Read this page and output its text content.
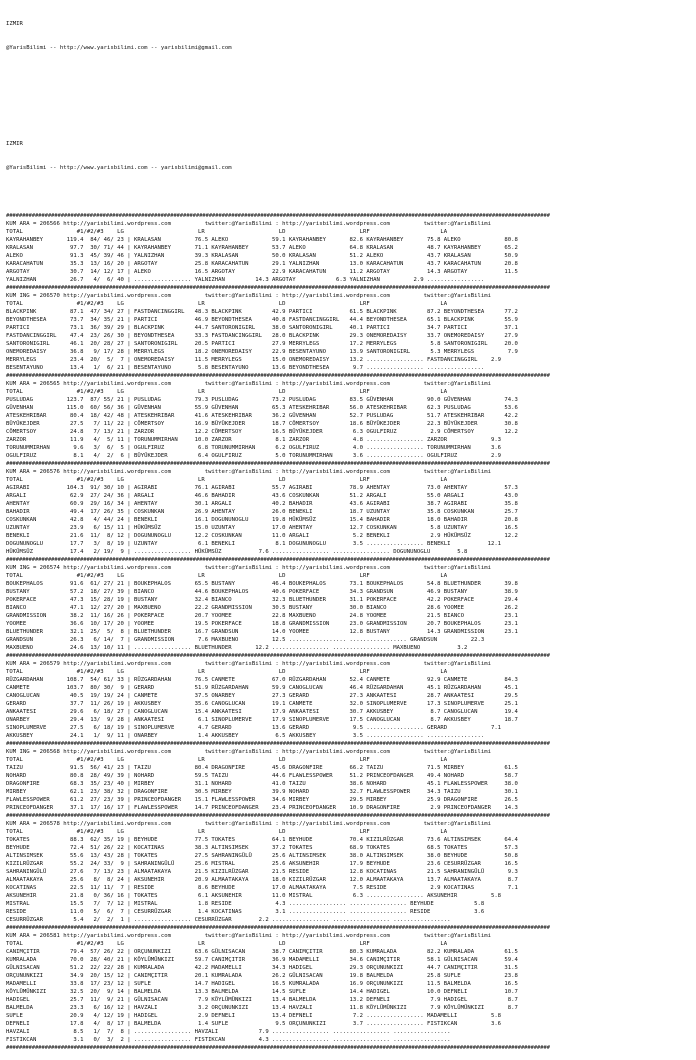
IZMIR

@YarisBilimi -- http://www.yarisbilimi.com -- yarisbilimi@gmail.com

IZMIR

@YarisBilimi -- http://www.yarisbilimi.com -- yarisbilimi@gmail.com

#########################################################################################################################################################################
KUM ARA = 206566 http://yarisbilimi.wordpress.com          twitter:@YarisBilimi : http://yarisbilimi.wordpress.com          twitter:@YarisBilimi
TOTAL                #1/#2/#3    LG                      LR                      LD                      LRF                     LA
KAYRAHANBEY       119.4  84/ 46/ 23 | KRALASAN          76.5 ALEKO             59.1 KAYRAHANBEY       82.6 KAYRAHANBEY       75.8 ALEKO             80.8
KRALASAN           97.7  30/ 71/ 44 | KAYRAHANBEY       71.1 KAYRAHANBEY       53.7 ALEKO             64.8 KRALASAN          48.7 KAYRAHANBEY       65.2
ALEKO              91.3  45/ 39/ 46 | YALNIZHAN         39.3 KRALASAN          50.0 KRALASAN          51.2 ALEKO             43.7 KRALASAN          50.9
KARACAHATUN        35.3  13/ 16/ 20 | ARGOTAY           25.8 KARACAHATUN       29.1 YALNIZHAN         13.0 KARACAHATUN       43.7 KARACAHATUN       20.8
ARGOTAY            30.7  14/ 12/ 17 | ALEKO             16.5 ARGOTAY           22.9 KARACAHATUN       11.2 ARGOTAY           14.3 ARGOTAY           11.5
YALNIZHAN          26.7   4/  6/ 40 | ................. YALNIZHAN         14.3 ARGOTAY            6.3 YALNIZHAN          2.9 .................
#########################################################################################################################################################################
KUM ING = 206570 http://yarisbilimi.wordpress.com          twitter:@YarisBilimi : http://yarisbilimi.wordpress.com          twitter:@YarisBilimi
TOTAL                #1/#2/#3    LG                      LR                      LD                      LRF                     LA
BLACKPINK          87.1  47/ 34/ 27 | FASTDANCINGGIRL   48.3 BLACKPINK         42.9 PARTICI           61.5 BLACKPINK         87.2 BEYONDTHESEA      77.2
BEYONDTHESEA       73.7  34/ 35/ 21 | PARTICI           46.9 BEYONDTHESEA      40.8 FASTDANCINGGIRL   44.4 BEYONDTHESEA      65.1 BLACKPINK         55.9
PARTICI            73.1  36/ 39/ 29 | BLACKPINK         44.7 SANTORONIGIRL     38.0 SANTORONIGIRL     40.1 PARTICI           34.7 PARTICI           37.1
FASTDANCINGGIRL    47.4  23/ 26/ 30 | BEYONDTHESEA      33.3 FASTDANCINGGIRL   28.0 BLACKPINK         29.3 ONEMOREDAISY      33.7 ONEMOREDAISY      27.9
SANTORONIGIRL      46.1  20/ 28/ 27 | SANTORONIGIRL     20.5 PARTICI           27.9 MERRYLEGS         17.2 MERRYLEGS          5.8 SANTORONIGIRL     20.0
ONEMOREDAISY       36.8   9/ 17/ 28 | MERRYLEGS         18.2 ONEMOREDAISY      22.9 BESENTAYUNO       13.9 SANTORONIGIRL      5.3 MERRYLEGS          7.9
MERRYLEGS          23.4  20/  5/  7 | ONEMOREDAISY      11.5 MERRYLEGS         15.0 ONEMOREDAISY      13.2 ................. FASTDANCINGGIRL    2.9
BESENTAYUNO        13.4   1/  6/ 21 | BESENTAYUNO        5.8 BESENTAYUNO       13.6 BEYONDTHESEA       9.7 ................. .................
#########################################################################################################################################################################
KUM ARA = 206565 http://yarisbilimi.wordpress.com          twitter:@YarisBilimi : http://yarisbilimi.wordpress.com          twitter:@YarisBilimi
TOTAL                #1/#2/#3    LG                      LR                      LD                      LRF                     LA
PUSLUDAG          123.7  87/ 55/ 21 | PUSLUDAG          79.3 PUSLUDAG          73.2 PUSLUDAG          83.5 GÜVENHAN          90.0 GÜVENHAN          74.3
GÜVENHAN          115.0  60/ 56/ 36 | GÜVENHAN          55.9 GÜVENHAN          65.3 ATESKEHRIBAR      56.0 ATESKEHRIBAR      62.3 PUSLUDAG          53.6
ATESKEHRIBAR       80.4  18/ 42/ 48 | ATESKEHRIBAR      41.6 ATESKEHRIBAR      36.2 GÜVENHAN          52.7 PUSLUDAG          51.7 ATESKEHRIBAR      42.2
BÜYÜKEJDER         27.5   7/ 11/ 22 | CÖMERTSOY         16.9 BÜYÜKEJDER        18.7 CÖMERTSOY         18.6 BÜYÜKEJDER        22.3 BÜYÜKEJDER        30.8
CÖMERTSOY          24.8   7/ 13/ 21 | ZARZOR            12.2 CÖMERTSOY         16.5 BÜYÜKEJDER         6.3 OGULFIRUZ          2.9 CÖMERTSOY         12.2
ZARZOR             11.9   4/  5/ 11 | TORUNUMMIRHAN     10.0 ZARZOR             8.1 ZARZOR             4.8 ................. ZARZOR             9.3
TORUNUMMIRHAN       9.6   3/  6/  5 | OGULFIRUZ          6.8 TORUNUMMIRHAN      6.2 OGULFIRUZ          4.0 ................. TORUNUMMIRHAN      3.6
OGULFIRUZ           8.1   4/  2/  6 | BÜYÜKEJDER         6.4 OGULFIRUZ          5.0 TORUNUMMIRHAN      3.6 ................. OGULFIRUZ          2.9
#########################################################################################################################################################################
KUM ARA = 206576 http://yarisbilimi.wordpress.com          twitter:@YarisBilimi : http://yarisbilimi.wordpress.com          twitter:@YarisBilimi
TOTAL                #1/#2/#3    LG                      LR                      LD                      LRF                     LA
AGIRABI           104.3  91/ 30/ 10 | AGIRABI           76.1 AGIRABI           55.7 AGIRABI           78.9 AHENTAY           73.0 AHENTAY           57.3
ARGALI             62.9  27/ 24/ 36 | ARGALI            46.6 BAHADIR           43.6 COSKUNKAN         51.2 ARGALI            55.0 ARGALI            43.0
AHENTAY            60.9  29/ 16/ 34 | AHENTAY           30.1 ARGALI            40.2 BAHADIR           43.6 AGIRABI           38.7 AGIRABI           35.8
BAHADIR            49.4  17/ 26/ 35 | COSKUNKAN         26.9 AHENTAY           26.0 BENEKLI           18.7 UZUNTAY           35.8 COSKUNKAN         25.7
COSKUNKAN          42.8   4/ 44/ 24 | BENEKLI           16.1 DOGUNUNOGLU       19.8 HÜKÜMSÜZ          15.4 BAHADIR           18.0 BAHADIR           20.8
UZUNTAY            23.9   6/ 15/ 11 | HÜKÜMSÜZ          15.0 UZUNTAY           17.0 AHENTAY           12.7 COSKUNKAN          5.8 UZUNTAY           16.5
BENEKLI            21.6  11/  8/ 12 | DOGUNUNOGLU       12.2 COSKUNKAN         11.0 ARGALI             5.2 BENEKLI            2.9 HÜKÜMSÜZ          12.2
DOGUNUNOGLU        17.7   3/  8/ 19 | UZUNTAY            6.1 BENEKLI            8.1 DOGUNUNOGLU        3.5 ................. BENEKLI           12.1
HÜKÜMSÜZ           17.4   2/ 19/  9 | ................. HÜKÜMSÜZ           7.6 ................. ................. DOGUNUNOGLU        5.8
#########################################################################################################################################################################
KUM ING = 206574 http://yarisbilimi.wordpress.com          twitter:@YarisBilimi : http://yarisbilimi.wordpress.com          twitter:@YarisBilimi
TOTAL                #1/#2/#3    LG                      LR                      LD                      LRF                     LA
BOUKEPHALOS        91.6  61/ 27/ 21 | BOUKEPHALOS       65.5 BUSTANY           46.4 BOUKEPHALOS       73.1 BOUKEPHALOS       54.8 BLUETHUNDER       39.8
BUSTANY            57.2  18/ 27/ 39 | BIANCO            44.6 BOUKEPHALOS       40.6 POKERFACE         34.3 GRANDSUN          46.9 BUSTANY           38.9
POKERFACE          47.3  15/ 28/ 19 | BUSTANY           32.4 BIANCO            32.3 BLUETHUNDER       31.1 POKERFACE         42.2 POKERFACE         29.4
BIANCO             47.1  12/ 27/ 20 | MAXBUENO          22.2 GRANDMISSION      30.5 BUSTANY           30.0 BIANCO            28.6 YOOMEE            26.2
GRANDMISSION       38.2  11/ 16/ 26 | POKERFACE         20.7 YOOMEE            22.8 MAXBUENO          24.8 YOOMEE            21.5 BIANCO            23.1
YOOMEE             36.6  10/ 17/ 20 | YOOMEE            19.5 POKERFACE         18.8 GRANDMISSION      23.0 GRANDMISSION      20.7 BOUKEPHALOS       23.1
BLUETHUNDER        32.1  25/  5/  8 | BLUETHUNDER       16.7 GRANDSUN          14.0 YOOMEE            12.8 BUSTANY           14.3 GRANDMISSION      23.1
GRANDSUN           26.3   6/ 14/  7 | GRANDMISSION       7.6 MAXBUENO          12.5 ................. ................. GRANDSUN          22.3
MAXBUENO           24.6  13/ 10/ 11 | ................. BLUETHUNDER       12.2 ................. ................. MAXBUENO           3.2
#########################################################################################################################################################################
KUM ARA = 206579 http://yarisbilimi.wordpress.com          twitter:@YarisBilimi : http://yarisbilimi.wordpress.com          twitter:@YarisBilimi
TOTAL                #1/#2/#3    LG                      LR                      LD                      LRF                     LA
RÜZGARDAHAN       108.7  54/ 61/ 33 | RÜZGARDAHAN       76.5 CANMETE           67.0 RÜZGARDAHAN       52.4 CANMETE           92.9 CANMETE           84.3
CANMETE           103.7  80/ 30/  9 | GERARD            51.9 RÜZGARDAHAN       59.9 CANOGLUCAN        46.4 RÜZGARDAHAN       45.1 RÜZGARDAHAN       45.1
CANOGLUCAN         40.5  19/ 19/ 24 | CANMETE           37.5 ONARBEY           27.3 GERARD            27.3 ANKAATESI         28.7 ANKAATESI         29.5
GERARD             37.7  11/ 26/ 19 | AKKUSBEY          35.6 CANOGLUCAN        19.1 CANMETE           32.0 SINOPLUMERVE      17.3 SINOPLUMERVE      25.1
ANKAATESI          29.6   6/ 18/ 27 | CANOGLUCAN        15.4 ANKAATESI         17.9 ANKAATESI         30.7 AKKUSBEY           8.7 CANOGLUCAN        19.4
ONARBEY            29.4  13/  9/ 28 | ANKAATESI          6.1 SINOPLUMERVE      17.9 SINOPLUMERVE      17.5 CANOGLUCAN         8.7 AKKUSBEY          18.7
SINOPLUMERVE       27.5   6/ 18/ 19 | SINOPLUMERVE       4.7 GERARD            13.6 GERARD             9.5 ................. GERARD             7.1
AKKUSBEY           24.1   1/  9/ 11 | ONARBEY            1.4 AKKUSBEY           6.5 AKKUSBEY           3.5 ................. .................
#########################################################################################################################################################################
KUM ING = 206568 http://yarisbilimi.wordpress.com          twitter:@YarisBilimi : http://yarisbilimi.wordpress.com          twitter:@YarisBilimi
TOTAL                #1/#2/#3    LG                      LR                      LD                      LRF                     LA
TAIZU              91.5  56/ 41/ 23 | TAIZU             80.4 DRAGONFIRE        45.6 DRAGONFIRE        66.2 TAIZU             71.5 MIRBEY            61.5
NOHARD             80.8  28/ 49/ 39 | NOHARD            59.5 TAIZU             44.6 FLAWLESSPOWER     51.2 PRINCEOFDANGER    49.4 NOHARD            58.7
DRAGONFIRE         68.3  35/ 23/ 40 | MIRBEY            31.1 NOHARD            41.0 TAIZU             38.6 NOHARD            45.1 FLAWLESSPOWER     38.0
MIRBEY             62.1  23/ 38/ 32 | DRAGONFIRE        30.5 MIRBEY            39.9 NOHARD            32.7 FLAWLESSPOWER     34.3 TAIZU             30.1
FLAWLESSPOWER      61.2  27/ 23/ 39 | PRINCEOFDANGER    15.1 FLAWLESSPOWER     34.6 MIRBEY            29.5 MIRBEY            25.9 DRAGONFIRE        26.5
PRINCEOFDANGER     37.1  17/ 16/ 17 | FLAWLESSPOWER     14.7 PRINCEOFDANGER    23.4 PRINCEOFDANGER    10.9 DRAGONFIRE         2.9 PRINCEOFDANGER    14.3
#########################################################################################################################################################################
KUM ARA = 206578 http://yarisbilimi.wordpress.com          twitter:@YarisBilimi : http://yarisbilimi.wordpress.com          twitter:@YarisBilimi
TOTAL                #1/#2/#3    LG                      LR                      LD                      LRF                     LA
TOKATES            88.3  62/ 35/ 19 | BEYHUDE           77.5 TOKATES           64.1 BEYHUDE           70.4 KIZILRÜZGAR       73.6 ALTINSIMSEK       64.4
BEYHUDE            72.4  51/ 26/ 22 | KOCATINAS         38.3 ALTINSIMSEK       37.2 TOKATES           68.9 TOKATES           68.5 TOKATES           57.3
ALTINSIMSEK        55.6  13/ 43/ 28 | TOKATES           27.5 SAHRANINGÜLÜ      25.6 ALTINSIMSEK       38.0 ALTINSIMSEK       38.0 BEYHUDE           50.8
KIZILRÜZGAR        55.2  24/ 33/  9 | SAHRANINGÜLÜ      25.6 MISTRAL           25.6 AKSUNEHIR         17.9 BEYHUDE           23.6 CESURRÜZGAR       16.5
SAHRANINGÜLÜ       27.6   7/ 13/ 23 | ALMAATAKAYA       21.5 KIZILRÜZGAR       21.5 RESIDE            12.8 KOCATINAS         21.5 SAHRANINGÜLÜ       9.3
ALMAATAKAYA        25.6   8/  8/ 24 | AKSUNEHIR         20.9 ALMAATAKAYA       18.0 KIZILRÜZGAR       12.0 ALMAATAKAYA       13.7 ALMAATAKAYA        8.7
KOCATINAS          22.5  11/ 11/  7 | RESIDE             8.6 BEYHUDE           17.0 ALMAATAKAYA        7.5 RESIDE             2.9 KOCATINAS          7.1
AKSUNEHIR          21.8   0/ 36/ 16 | TOKATES            6.1 AKSUNEHIR         11.0 MISTRAL            6.3 ................. AKSUNEHIR          5.8
MISTRAL            15.5   7/  7/ 12 | MISTRAL            1.8 RESIDE             4.3 ................. ................. BEYHUDE            5.8
RESIDE             11.0   5/  6/  7 | CESURRÜZGAR        1.4 KOCATINAS          3.1 ................. ................. RESIDE             3.6
CESURRÜZGAR         5.4   2/  2/  1 | ................. CESURRÜZGAR        2.2 ................. ................. .................
#########################################################################################################################################################################
KUM ARA = 206581 http://yarisbilimi.wordpress.com          twitter:@YarisBilimi : http://yarisbilimi.wordpress.com          twitter:@YarisBilimi
TOTAL                #1/#2/#3    LG                      LR                      LD                      LRF                     LA
CANIMÇITIR         79.4  57/ 26/ 22 | ORÇUNUNKIZI       63.6 GÜLNISACAN        38.7 CANIMÇITIR        80.3 KUMRALADA         82.2 KUMRALADA         61.5
KUMRALADA          70.0  28/ 40/ 21 | KÖYLÜMÜNKIZI      59.7 CANIMÇITIR        36.9 MADAMELLI         34.6 CANIMÇITIR        58.1 GÜLNISACAN        59.4
GÜLNISACAN         51.2  22/ 22/ 28 | KUMRALADA         42.2 MADAMELLI         34.3 HADIGEL           29.3 ORÇUNUNKIZI       44.7 CANIMÇITIR        31.5
ORÇUNUNKIZI        34.9  20/ 15/ 12 | CANIMÇITIR        20.1 KUMRALADA         26.2 GÜLNISACAN        19.8 BALMELDA          25.8 SUFLE             23.8
MADAMELLI          33.8  17/ 23/ 12 | SUFLE             14.7 HADIGEL           16.5 KUMRALADA         16.9 ORÇUNUNKIZI       11.5 BALMELDA          16.5
KÖYLÜMÜNKIZI       32.5  20/  9/ 14 | BALMELDA          13.3 BALMELDA          14.5 SUFLE             14.4 HADIGEL           10.0 DEFNELI           10.7
HADIGEL            25.7  11/  9/ 21 | GÜLNISACAN         7.9 KÖYLÜMÜNKIZI      13.4 BALMELDA          13.2 DEFNELI            7.9 HADIGEL            8.7
BALMELDA           23.3   6/ 16/ 12 | HAVZALI            3.2 ORÇUNUNKIZI       13.4 HAVZALI           11.8 KÖYLÜMÜNKIZI       7.9 KÖYLÜMÜNKIZI       8.7
SUFLE              20.9   4/ 12/ 19 | HADIGEL            2.9 DEFNELI           13.4 DEFNELI            7.2 ................. MADAMELLI          5.8
DEFNELI            17.8   4/  8/ 17 | BALMELDA           1.4 SUFLE              9.5 ORÇUNUNKIZI        3.7 ................. FISTIKCAN          3.6
HAVZALI             8.5   1/  7/  8 | ................. HAVZALI            7.9 ................. ................. .................
FISTIKCAN           3.1   0/  3/  2 | ................. FISTIKCAN          4.3 ................. ................. .................
#########################################################################################################################################################################
